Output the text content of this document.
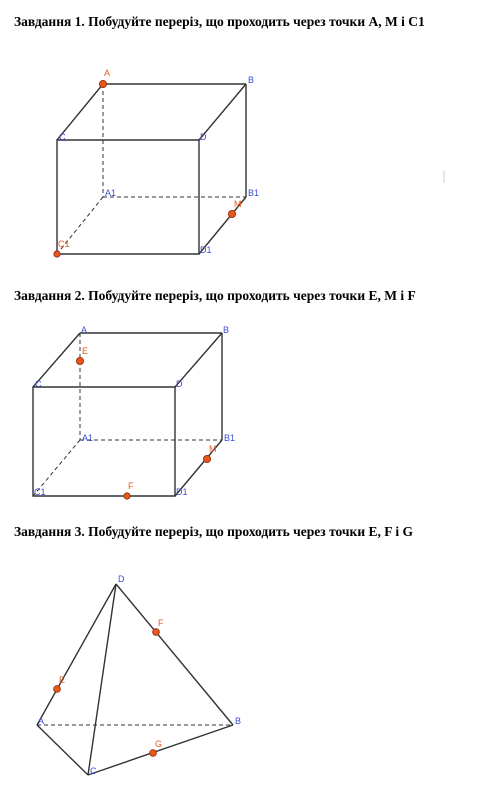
Завдання 1. Побудуйте переріз, що проходить через точки A, M і C1
Завдання 2. Побудуйте переріз, що проходить через точки E, M і F
Завдання 3. Побудуйте переріз, що проходить через точки E, F і G
A
B
C	D
A1	B1
C1
D1
M
A	B
C	D
A1	B1
C1	D1
E
M
F
D
A	B
C
E
F
G
